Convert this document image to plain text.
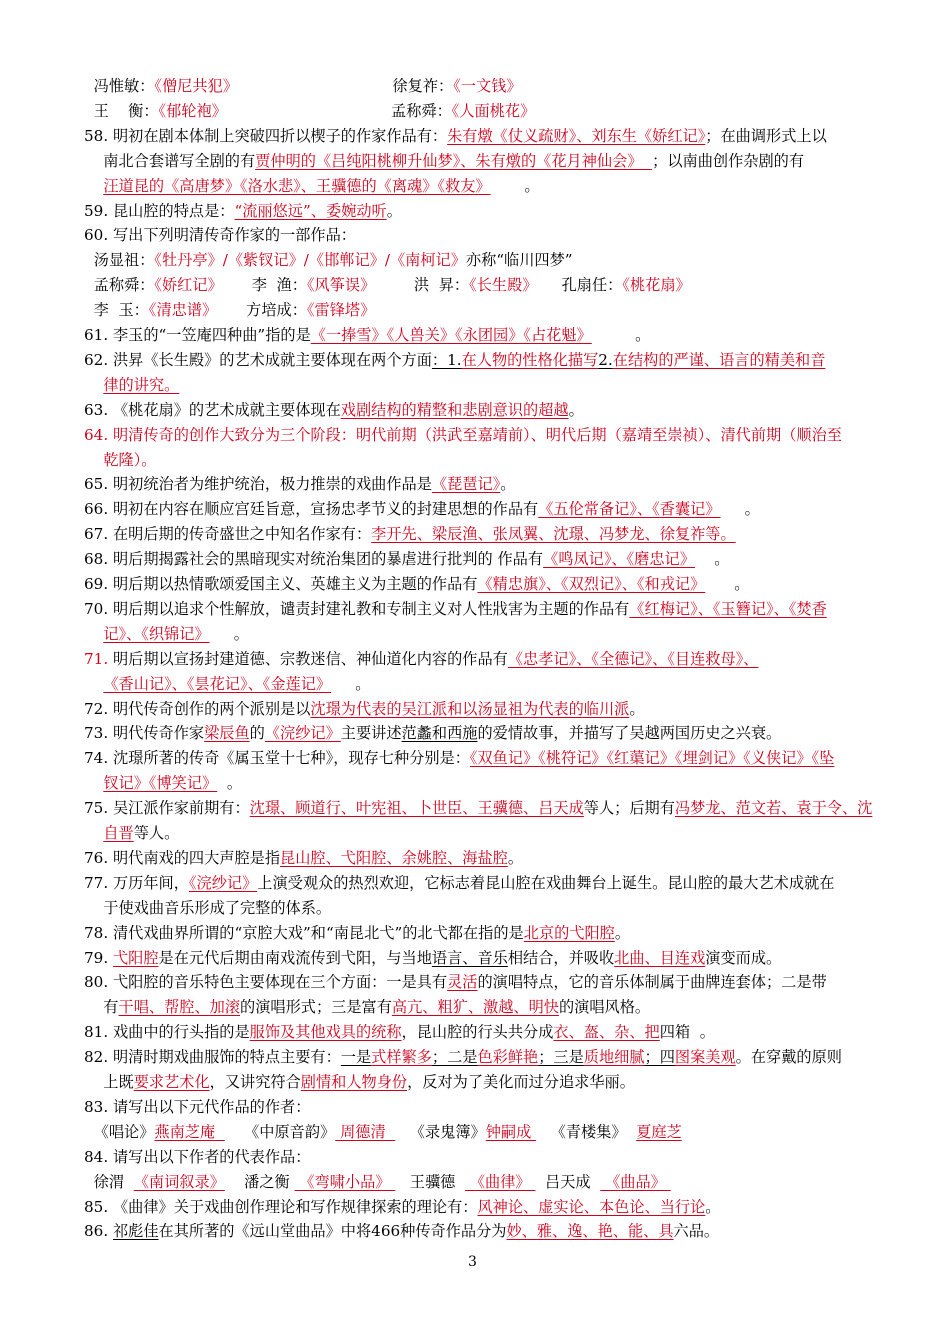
冯惟敏：《僧尼共犯》                                徐复祚：《一文钱》
王    衡：《郁轮袍》                                  孟称舜：《人面桃花》
58. 明初在剧本体制上突破四折以楔子的作家作品有：朱有燉《仗义疏财》、刘东生《娇红记》；在曲调形式上以
南北合套谱写全剧的有贾仲明的《吕纯阳桃柳升仙梦》、朱有燉的《花月神仙会》  ；以南曲创作杂剧的有
汪道昆的《高唐梦》《洛水悲》、王骥德的《离魂》《救友》       。
59. 昆山腔的特点是：“流丽悠远”、委婉动听。
60. 写出下列明清传奇作家的一部作品：
汤显祖：《牡丹亭》/《紫钗记》/《邯郸记》/《南柯记》亦称“临川四梦”
孟称舜：《娇红记》      李  渔：《风筝误》        洪  昇：《长生殿》     孔扇任：《桃花扇》
李  玉：《清忠谱》      方培成：《雷锋塔》
61. 李玉的“一笠庵四种曲”指的是《一捧雪》《人兽关》《永团园》《占花魁》         。
62. 洪昇《长生殿》的艺术成就主要体现在两个方面：1.在人物的性格化描写2.在结构的严谨、语言的精美和音
律的讲究。
63. 《桃花扇》的艺术成就主要体现在戏剧结构的精整和悲剧意识的超越。
64. 明清传奇的创作大致分为三个阶段：明代前期（洪武至嘉靖前）、明代后期（嘉靖至崇祯）、清代前期（顺治至
乾隆）。
65. 明初统治者为维护统治，极力推崇的戏曲作品是《琵琶记》。
66. 明初在内容在顺应宫廷旨意，宣扬忠孝节义的封建思想的作品有《五伦常备记》、《香囊记》     。
67. 在明后期的传奇盛世之中知名作家有：李开先、梁辰渔、张凤翼、沈璟、冯梦龙、徐复祚等。
68. 明后期揭露社会的黑暗现实对统治集团的暴虐进行批判的 作品有《鸣凤记》、《磨忠记》    。
69. 明后期以热情歌颂爱国主义、英雄主义为主题的作品有《精忠旗》、《双烈记》、《和戎记》      。
70. 明后期以追求个性解放，谴责封建礼教和专制主义对人性戕害为主题的作品有《红梅记》、《玉簪记》、《焚香
记》、《织锦记》     。
71. 明后期以宣扬封建道德、宗教迷信、神仙道化内容的作品有《忠孝记》、《全德记》、《目连救母》、
《香山记》、《昙花记》、《金莲记》     。
72. 明代传奇创作的两个派别是以沈璟为代表的吴江派和以汤显祖为代表的临川派。
73. 明代传奇作家梁辰鱼的《浣纱记》主要讲述范蠡和西施的爱情故事，并描写了吴越两国历史之兴衰。
74. 沈璟所著的传奇《属玉堂十七种》，现存七种分别是：《双鱼记》《桃符记》《红蕖记》《埋剑记》《义侠记》《坠
钗记》《博笑记》  。
75. 吴江派作家前期有：沈璟、顾道行、叶宪祖、卜世臣、王骥德、吕天成等人；后期有冯梦龙、范文若、袁于令、沈
自晋等人。
76. 明代南戏的四大声腔是指昆山腔、弋阳腔、余姚腔、海盐腔。
77. 万历年间，《浣纱记》上演受观众的热烈欢迎，它标志着昆山腔在戏曲舞台上诞生。昆山腔的最大艺术成就在
于使戏曲音乐形成了完整的体系。
78. 清代戏曲界所谓的“京腔大戏”和“南昆北弋”的北弋都在指的是北京的弋阳腔。
79. 弋阳腔是在元代后期由南戏流传到弋阳，与当地语言、音乐相结合，并吸收北曲、目连戏演变而成。
80. 弋阳腔的音乐特色主要体现在三个方面：一是具有灵活的演唱特点，它的音乐体制属于曲牌连套体；二是带
有干唱、帮腔、加滚的演唱形式；三是富有高亢、粗犷、激越、明快的演唱风格。
81. 戏曲中的行头指的是服饰及其他戏具的统称，昆山腔的行头共分成衣、盔、杂、把四箱  。
82. 明清时期戏曲服饰的特点主要有：一是式样繁多；二是色彩鲜艳；三是质地细腻；四图案美观。在穿戴的原则
上既要求艺术化，又讲究符合剧情和人物身份，反对为了美化而过分追求华丽。
83. 请写出以下元代作品的作者：
《唱论》燕南芝庵      《中原音韵》 周德清     《录鬼簿》钟嗣成    《青楼集》  夏庭芝
84. 请写出以下作者的代表作品：
徐渭  《南词叙录》    潘之衡  《弯啸小品》    王骥德   《曲律》   吕天成   《曲品》
85. 《曲律》关于戏曲创作理论和写作规律探索的理论有：风神论、虚实论、本色论、当行论。
86. 祁彪佳在其所著的《远山堂曲品》中将466种传奇作品分为妙、雅、逸、艳、能、具六品。
3
